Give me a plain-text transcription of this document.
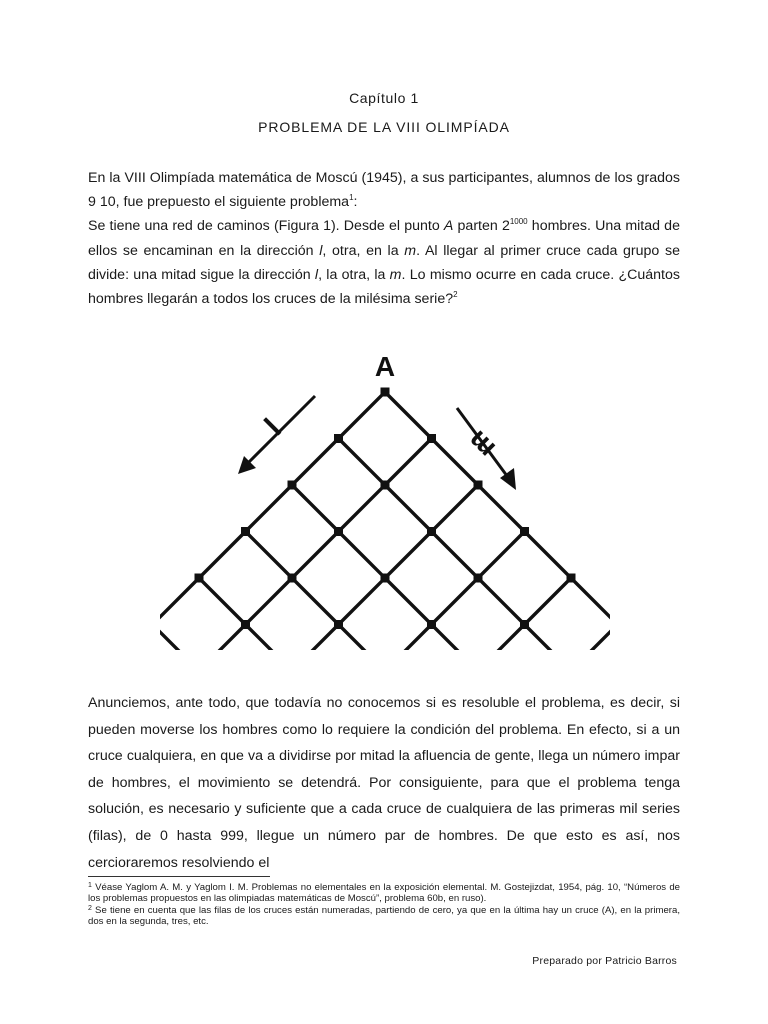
Capítulo 1
PROBLEMA DE LA VIII OLIMPÍADA
En la VIII Olimpíada matemática de Moscú (1945), a sus participantes, alumnos de los grados 9 10, fue prepuesto el siguiente problema$^1$:
Se tiene una red de caminos (Figura 1). Desde el punto A parten $2^{1000}$ hombres. Una mitad de ellos se encaminan en la dirección l, otra, en la m. Al llegar al primer cruce cada grupo se divide: una mitad sigue la dirección l, la otra, la m. Lo mismo ocurre en cada cruce. ¿Cuántos hombres llegarán a todos los cruces de la milésima serie?$^2$
A
l	m
Anunciemos, ante todo, que todavía no conocemos si es resoluble el problema, es decir, si pueden moverse los hombres como lo requiere la condición del problema. En efecto, si a un cruce cualquiera, en que va a dividirse por mitad la afluencia de gente, llega un número impar de hombres, el movimiento se detendrá. Por consiguiente, para que el problema tenga solución, es necesario y suficiente que a cada cruce de cualquiera de las primeras mil series (filas), de 0 hasta 999, llegue un número par de hombres. De que esto es así, nos cercioraremos resolviendo el
$^1$ Véase Yaglom A. M. y Yaglom I. M. Problemas no elementales en la exposición elemental. M. Gostejizdat, 1954, pág. 10, “Números de los problemas propuestos en las olimpiadas matemáticas de Moscú”, problema 60b, en ruso).
$^2$ Se tiene en cuenta que las filas de los cruces están numeradas, partiendo de cero, ya que en la última hay un cruce (A), en la primera, dos en la segunda, tres, etc.
Preparado por Patricio Barros
